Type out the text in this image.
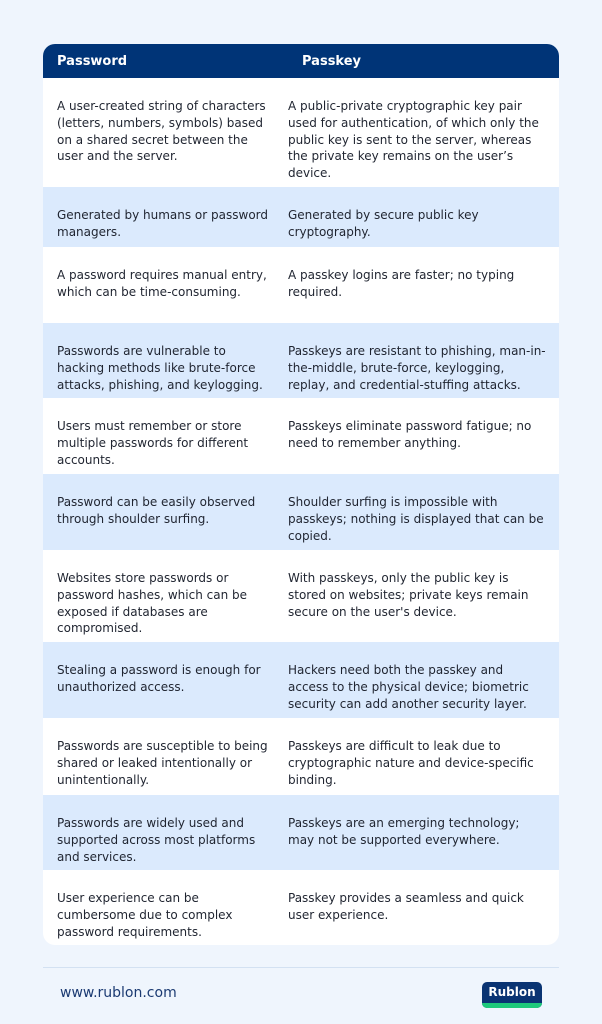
Password	Passkey
A user-created string of characters (letters, numbers, symbols) based on a shared secret between the user and the server.
A public-private cryptographic key pair used for authentication, of which only the public key is sent to the server, whereas the private key remains on the user’s device.
Generated by humans or password managers.
Generated by secure public key cryptography.
A password requires manual entry, which can be time-consuming.
A passkey logins are faster; no typing required.
Passwords are vulnerable to hacking methods like brute-force attacks, phishing, and keylogging.
Passkeys are resistant to phishing, man-in-the-middle, brute-force, keylogging, replay, and credential-stuffing attacks.
Users must remember or store multiple passwords for different accounts.
Passkeys eliminate password fatigue; no need to remember anything.
Password can be easily observed through shoulder surfing.
Shoulder surfing is impossible with passkeys; nothing is displayed that can be copied.
Websites store passwords or password hashes, which can be exposed if databases are compromised.
With passkeys, only the public key is stored on websites; private keys remain secure on the user's device.
Stealing a password is enough for unauthorized access.
Hackers need both the passkey and access to the physical device; biometric security can add another security layer.
Passwords are susceptible to being shared or leaked intentionally or unintentionally.
Passkeys are difficult to leak due to cryptographic nature and device-specific binding.
Passwords are widely used and supported across most platforms and services.
Passkeys are an emerging technology; may not be supported everywhere.
User experience can be cumbersome due to complex password requirements.
Passkey provides a seamless and quick user experience.
www.rublon.com	Rublon
